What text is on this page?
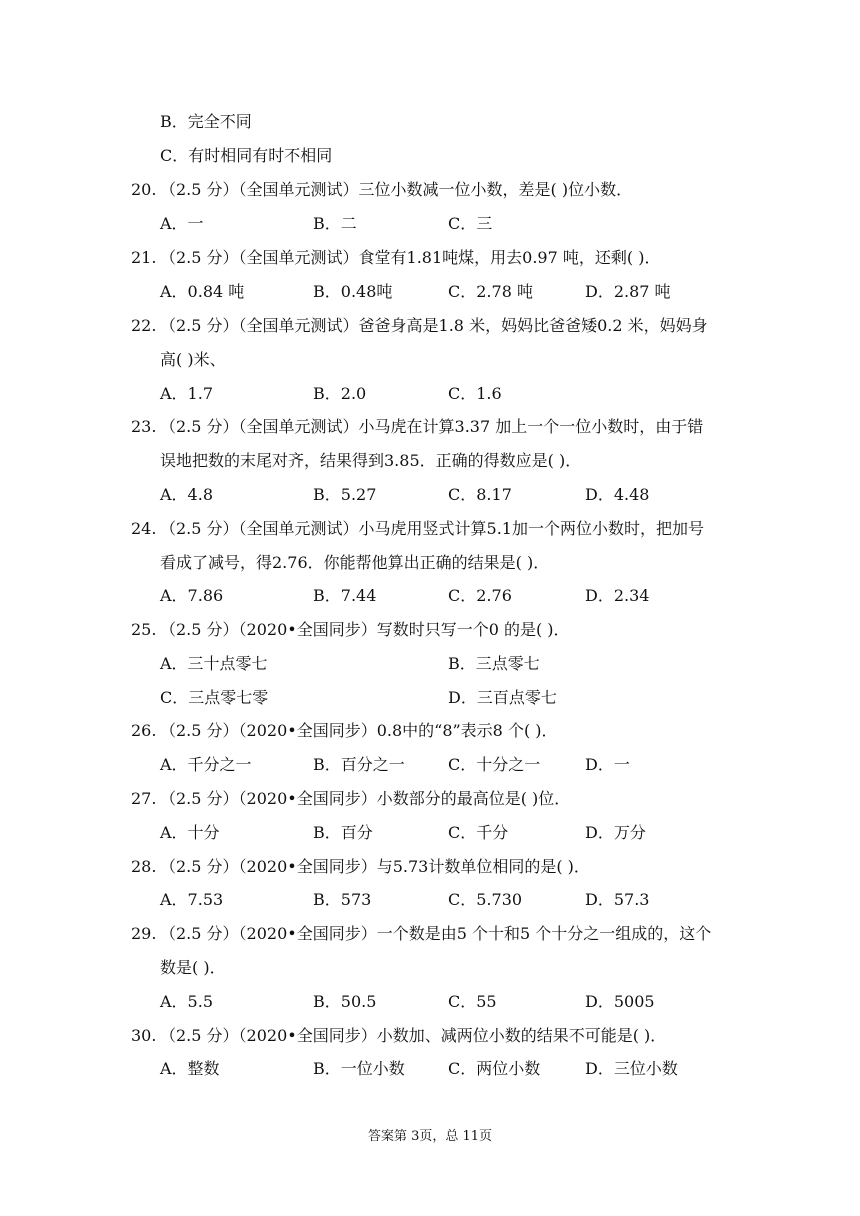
B．完全不同
C．有时相同有时不相同
20. （2.5 分）（全国单元测试）三位小数减一位小数，差是( )位小数．
A．一	B．二	C．三
21. （2.5 分）（全国单元测试）食堂有1.81吨煤，用去0.97 吨，还剩( )．
A．0.84 吨	B．0.48吨	C．2.78 吨	D．2.87 吨
22. （2.5 分）（全国单元测试）爸爸身高是1.8 米，妈妈比爸爸矮0.2 米，妈妈身
高( )米、
A．1.7	B．2.0	C．1.6
23. （2.5 分）（全国单元测试）小马虎在计算3.37 加上一个一位小数时，由于错
误地把数的末尾对齐，结果得到3.85．正确的得数应是( )．
A．4.8	B．5.27	C．8.17	D．4.48
24. （2.5 分）（全国单元测试）小马虎用竖式计算5.1加一个两位小数时，把加号
看成了减号，得2.76．你能帮他算出正确的结果是( )．
A．7.86	B．7.44	C．2.76	D．2.34
25. （2.5 分）（2020•全国同步）写数时只写一个0 的是( )．
A．三十点零七	B．三点零七
C．三点零七零	D．三百点零七
26. （2.5 分）（2020•全国同步）0.8中的“8”表示8 个( )．
A．千分之一	B．百分之一	C．十分之一	D．一
27. （2.5 分）（2020•全国同步）小数部分的最高位是( )位．
A．十分	B．百分	C．千分	D．万分
28. （2.5 分）（2020•全国同步）与5.73计数单位相同的是( )．
A．7.53	B．573	C．5.730	D．57.3
29. （2.5 分）（2020•全国同步）一个数是由5 个十和5 个十分之一组成的，这个
数是( )．
A．5.5	B．50.5	C．55	D．5005
30. （2.5 分）（2020•全国同步）小数加、减两位小数的结果不可能是( )．
A．整数	B．一位小数	C．两位小数	D．三位小数
答案第 3页，总 11页
